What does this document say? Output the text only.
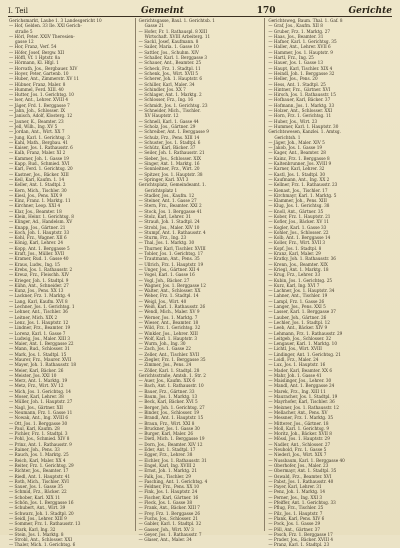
I. Teil	Gemeint	170	Gerichte
Gerichsmarkt, Laube 1. 3 Landesgericht 10
— Hof, Gelden. 33 Ile. XXI Gerich-
straße 5
— Hörl, Peter. XXIV Theresien-
gasse 12
— Hor, Franz, Verf. 54
— Höfer, Josef, Bergw. XII
— Höffl, Vf. 1 Hptstr. 8a
— Hörmann, Kl. Hfgl. 1
— Horvath, Jos., Bergbauer. XIV
— Hoyer, Peter, Gartenb. 10
— Huber, Ant., Zimmerstr. XV 11
— Hübner, Franz, Maler. 8
— Hummel, Ferd. XIII. 40
— Hutter, Jos. 1. Gerichtsg. 10
— Iser, Ant., Lehrer. XVIII 4
— Jäger, Frd. 1. Berggasse 7
— Jahn, Joh., Schlosser. IX
— Janisch, Adolf, Klosterg. 12
— Jauner, K., Beamter. 23
— Jell, Wilh., Ing. XV 5
— Jordan, Ant., Wirt. XX 7
— Jung, Karl. 1. Gerichtsg. 3
— Kahl, Math., Bergbau. 41
— Kaiser, Jos. 1. Rathausstr. 6
— Kalb, Franz, Maler. XI 2
— Kammer, Joh. 1. Gasse 19
— Kapp, Rud., Schmied. XVI
— Karl, Ferd. 1. Gerichtsg. 20
— Kastner, Jos., Bäcker. XIII
— Keil, Karl, Kaufm. 1. 14
— Keller, Ant. 1. Stadtpl. 2
— Kern, Mich., Tischler. 30
— Kiesl, Jos., Pens. XIX 9
— Kinz, Franz. 1. Marktg. 11
— Kirchner, Leop. XXI 4
— Klar, Jos., Beamter. 18
— Klein, Heinr. 1. Gerichtsg. 8
— Klinger, Ad., Handelsm. XV
— Knapp, Jos., Gärtner. 21
— Koch, Joh. 1. Hauptstr. 33
— Kohl, Frz., Wagner. XII 6
— König, Karl, Lehrer. 24
— Kopp, Ant. 1. Berggasse 5
— Kraft, Jos., Müller. XVII
— Kramer, Rud. 1. Gasse 40
— Kraus, Ludw., Ing. 15
— Krebs, Jos. 1. Rathausstr. 2
— Kreuz, Frz., Fleischh. XIV
— Krieger, Joh. 1. Stadtpl. 9
— Kühn, Ant., Schneider. 27
— Kunz, Jos., Pens. XX 13
— Lackner, Frz. 1. Marktg. 4
— Lang, Karl, Kaufm. XVI 8
— Lechner, Jos. 1. Gerichtsg. 1
— Lehner, Ant., Tischler. 36
— Leitner, Mich. XIX 2
— Lenz, Jos. 1. Hauptstr. 12
— Lindner, Frz., Beamter. 19
— Lorenz, Karl. 1. Gasse 7
— Ludwig, Jos., Maler. XIII 3
— Maier, Ant. 1. Berggasse 22
— Mann, Rud., Schlosser. 31
— Mark, Jos. 1. Stadtpl. 15
— Maurer, Frz., Maurer. XVII
— Mayer, Joh. 1. Rathausstr. 18
— Meier, Karl, Bäcker. 26
— Meister, Jos. XXI 10
— Merz, Ant. 1. Marktg. 19
— Metz, Frz., Wirt. XV 12
— Mich, Jos. 1. Gerichtsg. 14
— Moser, Karl, Lehrer. 38
— Müller, Joh. 1. Hauptstr. 27
— Nagl, Jos., Gärtner. XII
— Neumann, Frz. 1. Gasse 11
— Nowak, Ant., Ing. XVIII 6
— Ott, Jos. 1. Berggasse 30
— Paul, Karl, Kaufm. 28
— Pichler, Frz. 1. Stadtpl. 3
— Pohl, Jos., Schmied. XIV 8
— Prinz, Ant. 1. Rathausstr. 9
— Rainer, Joh., Pens. 33
— Rauch, Jos. 1. Marktg. 25
— Reich, Karl, Maler. XX 4
— Reiter, Frz. 1. Gerichtsg. 29
— Richter, Jos., Beamter. 17
— Riedl, Ant. 1. Hauptstr. 41
— Roth, Mich., Tischler. XVI
— Sauer, Jos. 1. Gasse 35
— Schmid, Frz., Bäcker. 22
— Schober, Karl. XIX 11
— Schön, Jos. 1. Berggasse 16
— Schubert, Ant., Wirt. 39
— Schwarz, Joh. 1. Stadtpl. 20
— Seidl, Jos., Lehrer. XIII 9
— Sommer, Frz. 1. Rathausstr. 13
— Stark, Karl, Ing. 32
— Stein, Jos. 1. Marktg. 8
— Strobl, Ant., Schlosser. XXI
— Thaler, Mich. 1. Gerichtsg. 6
Gerichtsgasse, Baul. 1. Gerichtsb. 1
Gasse 21
— Hofer, Fr. 1. Rathauspl. 8 XIII
Wirtschaft. XVIII Arbeiterg. 11
— Sackl, Josef, Kaufmann. 8
— Sailer, Maria. 1. Gasse 10
— Sattler, Jos., Schuhm. XIV
— Schaller, Karl. 1. Berggasse 3
— Schauer, Ant., Beamter. 25
— Scheck, Frz. 1. Stadtpl. 11
— Schenk, Jos., Wirt. XVII 5
— Scherer, Joh. 1. Hauptstr. 6
— Schiller, Karl, Maler. 34
— Schindler, Jos. XX 7
— Schlager, Ant. 1. Marktg. 2
— Schlosser, Frz., Ing. 16
— Schmidt, Jos. 1. Gerichtsg. 23
— Schneider, Mich., Tischler.
XV Hauptstr. 12
— Schnell, Karl. 1. Gasse 44
— Scholz, Jos., Gärtner. 29
— Schreiber, Ant. 1. Berggasse 9
— Schulz, Frz., Pens. XIII 14
— Schuster, Jos. 1. Stadtpl. 6
— Schütz, Karl, Bäcker. 37
— Seiler, Joh. 1. Rathausstr. 21
— Sieber, Jos., Schlosser. XIX
— Singer, Ant. 1. Marktg. 16
— Sonnleitner, Frz., Wirt. 20
— Spitzer, Jos. 1. Hauptstr. 38
— Springer, Karl. XVI 3
Gerichtsplatz, Gemeindeamt. 1.
Gerichtsplatz 1
— Stadler, Jos., Kaufm. 12
— Steiner, Ant. 1. Gasse 27
— Stern, Frz., Beamter. XXI 2
— Stock, Jos. 1. Berggasse 41
— Stolz, Karl, Lehrer. 31
— Strauß, Joh. 1. Stadtpl. 24
— Strobl, Jos., Maler. XIV 10
— Stumpf, Ant. 1. Rathausstr. 4
— Sturm, Frz., Ing. 23
— Thal, Jos. 1. Marktg. 30
— Thurner, Karl, Tischler. XVIII
— Tobler, Jos. 1. Gerichtsg. 17
— Trautmann, Ant., Pens. 35
— Ullrich, Frz. 1. Hauptstr. 19
— Unger, Jos., Gärtner. XII 4
— Vogel, Karl. 1. Gasse 16
— Vogl, Joh., Bäcker. 27
— Wagner, Jos. 1. Berggasse 12
— Walter, Ant., Schlosser. XX
— Weber, Frz. 1. Stadtpl. 14
— Weigl, Jos., Wirt. 40
— Weiß, Karl. 1. Rathausstr. 26
— Wendl, Mich., Maler. XV 9
— Werner, Jos. 1. Marktg. 7
— Wieser, Ant., Beamter. 18
— Wild, Frz. 1. Gerichtsg. 32
— Winkler, Jos., Lehrer. XIII
— Wolf, Karl. 1. Hauptstr. 3
— Wurm, Joh., Ing. 30
— Zach, Jos. 1. Gasse 22
— Zeller, Ant., Tischler. XVII
— Ziegler, Frz. 1. Berggasse 35
— Zimmer, Jos., Pens. 24
— Zöller, Karl. 1. Stadtpl. 28
Gerichtsstraße, Amtsh. 1. Str. 2
— Auer, Jos., Kaufm. XIX 6
— Bach, Ant. 1. Rathausstr. 10
— Bauer, Frz., Gärtner. 33
— Baum, Jos. 1. Marktg. 13
— Beck, Karl, Bäcker. XVI 5
— Berger, Joh. 1. Gerichtsg. 27
— Binder, Jos., Schlosser. 19
— Brandl, Ant. 1. Hauptstr. 15
— Braun, Frz., Wirt. XXI 8
— Bruckner, Jos. 1. Gasse 30
— Burger, Karl, Maler. 26
— Dietl, Mich. 1. Berggasse 19
— Dorn, Jos., Beamter. XIV 12
— Eder, Ant. 1. Stadtpl. 17
— Egger, Frz., Lehrer. 38
— Eichler, Jos. 1. Rathausstr. 31
— Engel, Karl, Ing. XVIII 2
— Ernst, Joh. 1. Marktg. 21
— Falk, Jos., Tischler. 29
— Fasching, Ant. 1. Gerichtsg. 4
— Feldner, Frz., Pens. XX 10
— Fink, Jos. 1. Hauptstr. 24
— Fischer, Karl, Gärtner. 16
— Fleck, Jos. 1. Gasse 38
— Frank, Ant., Bäcker. XIII 7
— Frey, Frz. 1. Berggasse 26
— Fuchs, Jos., Schlosser. 21
— Gabler, Karl. 1. Stadtpl. 32
— Gasser, Joh., Wirt. XV 3
— Geyer, Jos. 1. Rathausstr. 7
— Glaser, Ant., Maler. 34
Gerichtsweg, Baum. Thal. 1. Gaf. 8
— Graf, Jos., Kaufm. XII 8
— Gruber, Frz. 1. Marktg. 27
— Haas, Jos., Beamter. 31
— Hafner, Karl. 1. Gerichtsg. 35
— Haller, Ant., Lehrer. XVII 6
— Hammer, Jos. 1. Hauptstr. 9
— Hartl, Frz., Ing. 25
— Hauer, Jos. 1. Gasse 13
— Haupt, Karl, Tischler. XIX 4
— Heindl, Joh. 1. Berggasse 32
— Heller, Jos., Pens. 20
— Hess, Ant. 1. Stadtpl. 25
— Hintner, Frz., Gärtner. XVI
— Hirsch, Jos. 1. Rathausstr. 15
— Hofbauer, Karl, Bäcker. 37
— Hofmann, Jos. 1. Marktg. 33
— Holzer, Ant., Schlosser. XXI
— Horn, Frz. 1. Gerichtsg. 11
— Huber, Jos., Wirt. 23
— Hummer, Karl. 1. Hauptstr. 30
Gerichtswesen, Kanzlei. 1. Amtsg.
Gerichtsh. 1
— Jäger, Joh., Maler. XIV 5
— Jakob, Jos. 1. Gasse 19
— Kager, Ant., Beamter. 28
— Kainz, Frz. 1. Berggasse 8
— Kaltenbrunner, Jos. XVIII 9
— Karner, Karl, Lehrer. 32
— Kastl, Jos. 1. Stadtpl. 30
— Kaufmann, Ant., Ing. XX 2
— Kellner, Frz. 1. Rathausstr. 23
— Kienast, Jos., Tischler. 17
— Kirchmayr, Karl. 1. Marktg. 5
— Klammer, Joh., Pens. XIII
— Klug, Jos. 1. Gerichtsg. 38
— Knoll, Ant., Gärtner. 35
— Kober, Frz. 1. Hauptstr. 21
— Kofler, Jos., Bäcker. XV 11
— Kogler, Karl. 1. Gasse 33
— Kohler, Jos., Schlosser. 22
— Kolb, Ant. 1. Berggasse 14
— Koller, Frz., Wirt. XVII 3
— Kopf, Jos. 1. Stadtpl. 8
— Kranz, Karl, Maler. 29
— Kratky, Joh. 1. Rathausstr. 36
— Krenn, Jos., Beamter. XIX
— Kriegl, Ant. 1. Marktg. 18
— Krug, Frz., Lehrer. 33
— Kubin, Jos. 1. Gerichtsg. 25
— Kurz, Karl, Ing. XVI 7
— Lachner, Jos. 1. Hauptstr. 34
— Lahner, Ant., Tischler. 19
— Lampl, Frz. 1. Gasse 26
— Langer, Jos., Pens. XXI 5
— Lasser, Karl. 1. Berggasse 37
— Lauber, Joh., Gärtner. 26
— Lechler, Jos. 1. Stadtpl. 12
— Leeb, Ant., Bäcker. XIV 9
— Lehmann, Frz. 1. Rathausstr. 29
— Leitgeb, Jos., Schlosser. 32
— Lengauer, Karl. 1. Marktg. 10
— Lichtl, Jos., Wirt. XVIII
— Lindinger, Ant. 1. Gerichtsg. 21
— Loidl, Frz., Maler. 24
— Lux, Jos. 1. Hauptstr. 16
— Mader, Karl, Beamter. XX 6
— Mahr, Joh. 1. Gasse 41
— Maislinger, Jos., Lehrer. 30
— Mandl, Ant. 1. Berggasse 24
— Marek, Frz., Ing. XIII 11
— Mauracher, Jos. 1. Stadtpl. 19
— Mayrhofer, Karl, Tischler. 36
— Meixner, Jos. 1. Rathausstr. 12
— Mellacher, Ant., Pens. XV
— Messner, Frz. 1. Marktg. 35
— Mitterer, Jos., Gärtner. 18
— Moll, Karl. 1. Gerichtsg. 9
— Moritz, Joh., Bäcker. XVII 8
— Mössl, Jos. 1. Hauptstr. 29
— Nadler, Ant., Schlosser. 27
— Neuhold, Frz. 1. Gasse 5
— Niederl, Jos., Wirt. XIX 7
— Nussbaum, Karl. 1. Berggasse 40
— Oberhofer, Jos., Maler. 23
— Obermayr, Ant. 1. Stadtpl. 35
— Oswald, Frz., Beamter. XVI
— Pabst, Jos. 1. Rathausstr. 40
— Payer, Karl, Lehrer. 31
— Penz, Joh. 1. Marktg. 14
— Perner, Jos., Ing. XXI 3
— Pfeiffer, Ant. 1. Gerichtsg. 33
— Pflug, Frz., Tischler. 25
— Pilz, Jos. 1. Hauptstr. 7
— Plank, Karl, Pens. XIV 6
— Pock, Jos. 1. Gasse 29
— Pöll, Ant., Gärtner. 37
— Posch, Frz. 1. Berggasse 17
— Prader, Jos., Bäcker. XVIII 4
— Pranz, Karl. 1. Stadtpl. 23
